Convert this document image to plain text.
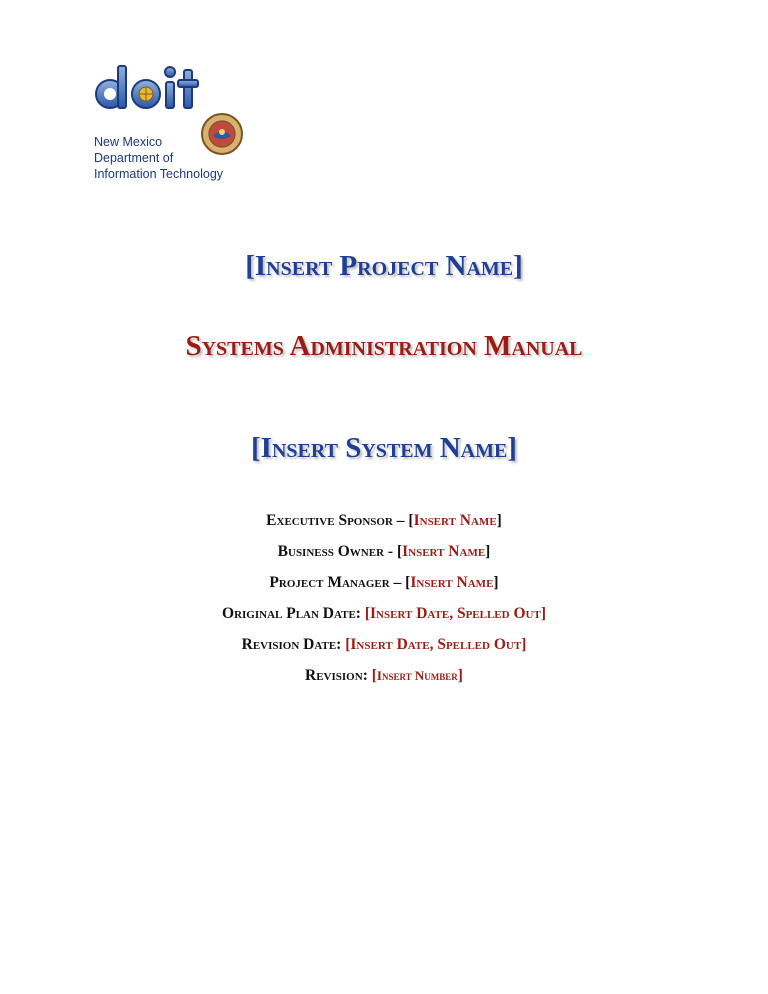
New Mexico
Department of
Information Technology
[Insert Project Name]
Systems Administration Manual
[Insert System Name]
Executive Sponsor – [Insert Name]
Business Owner - [Insert Name]
Project Manager – [Insert Name]
Original Plan Date: [Insert Date, Spelled Out]
Revision Date: [Insert Date, Spelled Out]
Revision: [Insert Number]
